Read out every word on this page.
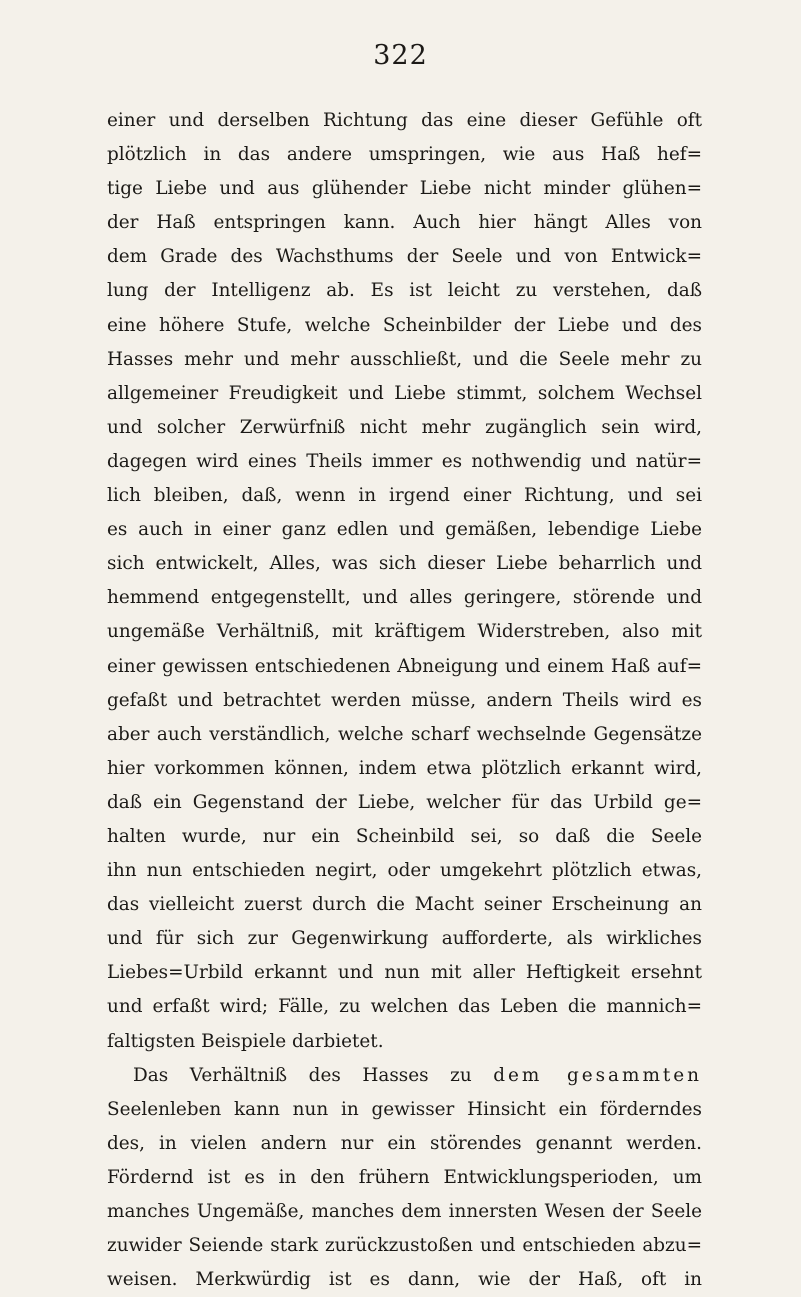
322
einer und derselben Richtung das eine dieser Gefühle oft
plötzlich in das andere umspringen, wie aus Haß hef=
tige Liebe und aus glühender Liebe nicht minder glühen=
der Haß entspringen kann. Auch hier hängt Alles von
dem Grade des Wachsthums der Seele und von Entwick=
lung der Intelligenz ab. Es ist leicht zu verstehen, daß
eine höhere Stufe, welche Scheinbilder der Liebe und des
Hasses mehr und mehr ausschließt, und die Seele mehr zu
allgemeiner Freudigkeit und Liebe stimmt, solchem Wechsel
und solcher Zerwürfniß nicht mehr zugänglich sein wird,
dagegen wird eines Theils immer es nothwendig und natür=
lich bleiben, daß, wenn in irgend einer Richtung, und sei
es auch in einer ganz edlen und gemäßen, lebendige Liebe
sich entwickelt, Alles, was sich dieser Liebe beharrlich und
hemmend entgegenstellt, und alles geringere, störende und
ungemäße Verhältniß, mit kräftigem Widerstreben, also mit
einer gewissen entschiedenen Abneigung und einem Haß auf=
gefaßt und betrachtet werden müsse, andern Theils wird es
aber auch verständlich, welche scharf wechselnde Gegensätze
hier vorkommen können, indem etwa plötzlich erkannt wird,
daß ein Gegenstand der Liebe, welcher für das Urbild ge=
halten wurde, nur ein Scheinbild sei, so daß die Seele
ihn nun entschieden negirt, oder umgekehrt plötzlich etwas,
das vielleicht zuerst durch die Macht seiner Erscheinung an
und für sich zur Gegenwirkung aufforderte, als wirkliches
Liebes=Urbild erkannt und nun mit aller Heftigkeit ersehnt
und erfaßt wird; Fälle, zu welchen das Leben die mannich=
faltigsten Beispiele darbietet.
Das Verhältniß des Hasses zu dem gesammten
Seelenleben kann nun in gewisser Hinsicht ein förderndes
des, in vielen andern nur ein störendes genannt werden.
Fördernd ist es in den frühern Entwicklungsperioden, um
manches Ungemäße, manches dem innersten Wesen der Seele
zuwider Seiende stark zurückzustoßen und entschieden abzu=
weisen. Merkwürdig ist es dann, wie der Haß, oft in
